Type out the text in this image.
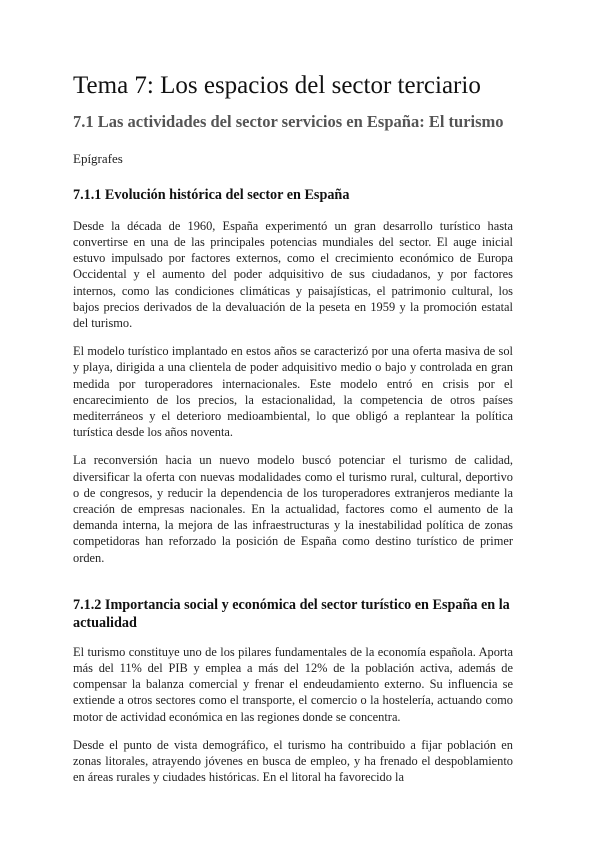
Tema 7: Los espacios del sector terciario
7.1 Las actividades del sector servicios en España: El turismo

Epígrafes

7.1.1 Evolución histórica del sector en España

Desde la década de 1960, España experimentó un gran desarrollo turístico hasta convertirse en una de las principales potencias mundiales del sector. El auge inicial estuvo impulsado por factores externos, como el crecimiento económico de Europa Occidental y el aumento del poder adquisitivo de sus ciudadanos, y por factores internos, como las condiciones climáticas y paisajísticas, el patrimonio cultural, los bajos precios derivados de la devaluación de la peseta en 1959 y la promoción estatal del turismo.

El modelo turístico implantado en estos años se caracterizó por una oferta masiva de sol y playa, dirigida a una clientela de poder adquisitivo medio o bajo y controlada en gran medida por turoperadores internacionales. Este modelo entró en crisis por el encarecimiento de los precios, la estacionalidad, la competencia de otros países mediterráneos y el deterioro medioambiental, lo que obligó a replantear la política turística desde los años noventa.

La reconversión hacia un nuevo modelo buscó potenciar el turismo de calidad, diversificar la oferta con nuevas modalidades como el turismo rural, cultural, deportivo o de congresos, y reducir la dependencia de los turoperadores extranjeros mediante la creación de empresas nacionales. En la actualidad, factores como el aumento de la demanda interna, la mejora de las infraestructuras y la inestabilidad política de zonas competidoras han reforzado la posición de España como destino turístico de primer orden.

7.1.2 Importancia social y económica del sector turístico en España en la actualidad

El turismo constituye uno de los pilares fundamentales de la economía española. Aporta más del 11% del PIB y emplea a más del 12% de la población activa, además de compensar la balanza comercial y frenar el endeudamiento externo. Su influencia se extiende a otros sectores como el transporte, el comercio o la hostelería, actuando como motor de actividad económica en las regiones donde se concentra.

Desde el punto de vista demográfico, el turismo ha contribuido a fijar población en zonas litorales, atrayendo jóvenes en busca de empleo, y ha frenado el despoblamiento en áreas rurales y ciudades históricas. En el litoral ha favorecido la
